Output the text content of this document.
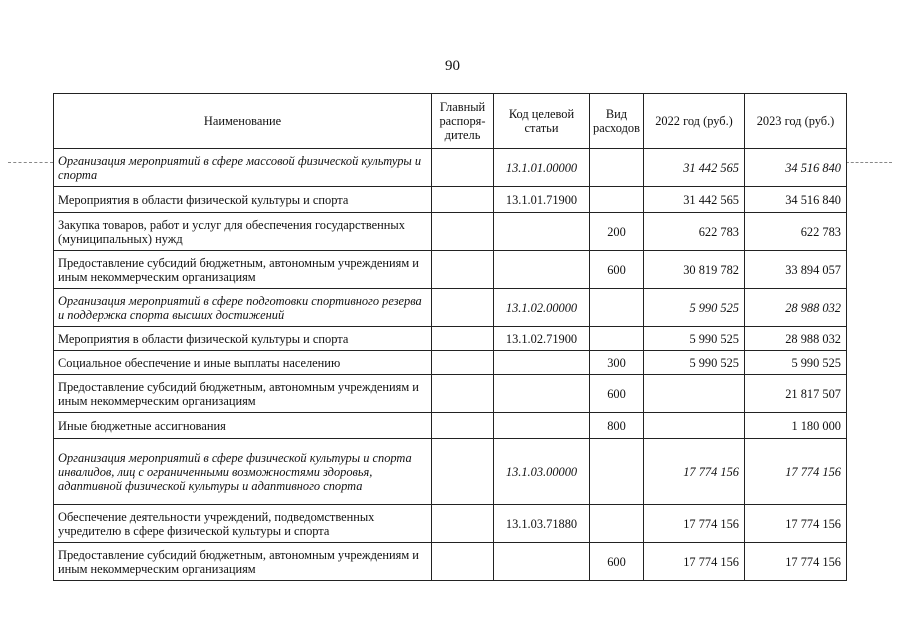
90
Наименование	Главный распоря-дитель	Код целевой статьи	Вид расходов	2022 год (руб.)	2023 год (руб.)
Организация мероприятий в сфере массовой физической культуры и спорта		13.1.01.00000		31 442 565	34 516 840
Мероприятия в области физической культуры и спорта		13.1.01.71900		31 442 565	34 516 840
Закупка товаров, работ и услуг для обеспечения государственных (муниципальных) нужд			200	622 783	622 783
Предоставление субсидий бюджетным, автономным учреждениям и иным некоммерческим организациям			600	30 819 782	33 894 057
Организация мероприятий в сфере подготовки спортивного резерва и поддержка спорта высших достижений		13.1.02.00000		5 990 525	28 988 032
Мероприятия в области физической культуры и спорта		13.1.02.71900		5 990 525	28 988 032
Социальное обеспечение и иные выплаты населению			300	5 990 525	5 990 525
Предоставление субсидий бюджетным, автономным учреждениям и иным некоммерческим организациям			600		21 817 507
Иные бюджетные ассигнования			800		1 180 000
Организация мероприятий в сфере физической культуры и спорта инвалидов, лиц с ограниченными возможностями здоровья, адаптивной физической культуры и адаптивного спорта		13.1.03.00000		17 774 156	17 774 156
Обеспечение деятельности учреждений, подведомственных учредителю в сфере физической культуры и спорта		13.1.03.71880		17 774 156	17 774 156
Предоставление субсидий бюджетным, автономным учреждениям и иным некоммерческим организациям			600	17 774 156	17 774 156
